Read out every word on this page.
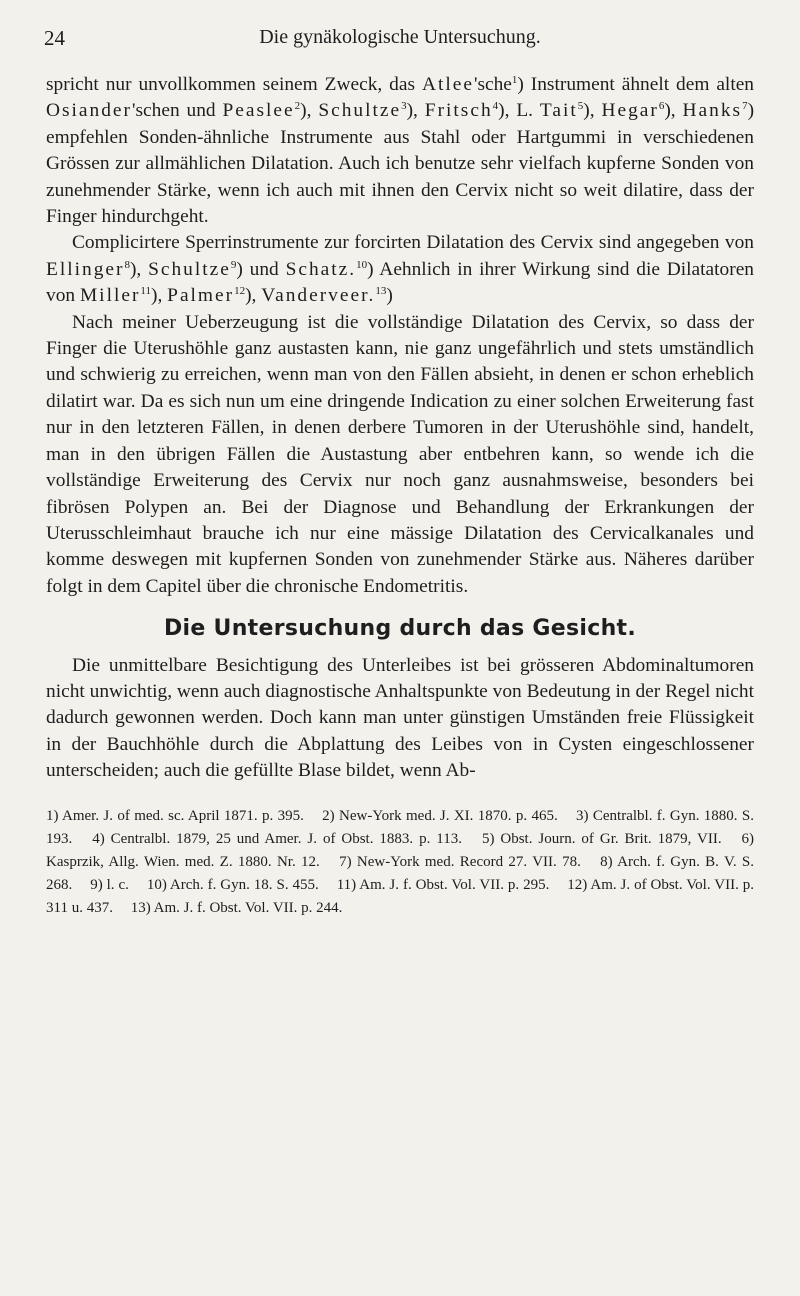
24	Die gynäkologische Untersuchung.

spricht nur unvollkommen seinem Zweck, das Atlee'sche$^1$) Instrument ähnelt dem alten Osiander'schen und Peaslee$^2$), Schultze$^3$), Fritsch$^4$), L. Tait$^5$), Hegar$^6$), Hanks$^7$) empfehlen Sonden-ähnliche Instrumente aus Stahl oder Hartgummi in verschiedenen Grössen zur allmählichen Dilatation. Auch ich benutze sehr vielfach kupferne Sonden von zunehmender Stärke, wenn ich auch mit ihnen den Cervix nicht so weit dilatire, dass der Finger hindurchgeht.

Complicirtere Sperrinstrumente zur forcirten Dilatation des Cervix sind angegeben von Ellinger$^8$), Schultze$^9$) und Schatz.$^{10}$) Aehnlich in ihrer Wirkung sind die Dilatatoren von Miller$^{11}$), Palmer$^{12}$), Vanderveer.$^{13}$)

Nach meiner Ueberzeugung ist die vollständige Dilatation des Cervix, so dass der Finger die Uterushöhle ganz austasten kann, nie ganz ungefährlich und stets umständlich und schwierig zu erreichen, wenn man von den Fällen absieht, in denen er schon erheblich dilatirt war. Da es sich nun um eine dringende Indication zu einer solchen Erweiterung fast nur in den letzteren Fällen, in denen derbere Tumoren in der Uterushöhle sind, handelt, man in den übrigen Fällen die Austastung aber entbehren kann, so wende ich die vollständige Erweiterung des Cervix nur noch ganz ausnahmsweise, besonders bei fibrösen Polypen an. Bei der Diagnose und Behandlung der Erkrankungen der Uterusschleimhaut brauche ich nur eine mässige Dilatation des Cervicalkanales und komme deswegen mit kupfernen Sonden von zunehmender Stärke aus. Näheres darüber folgt in dem Capitel über die chronische Endometritis.

Die Untersuchung durch das Gesicht.

Die unmittelbare Besichtigung des Unterleibes ist bei grösseren Abdominaltumoren nicht unwichtig, wenn auch diagnostische Anhaltspunkte von Bedeutung in der Regel nicht dadurch gewonnen werden. Doch kann man unter günstigen Umständen freie Flüssigkeit in der Bauchhöhle durch die Abplattung des Leibes von in Cysten eingeschlossener unterscheiden; auch die gefüllte Blase bildet, wenn Ab-

1) Amer. J. of med. sc. April 1871. p. 395. 2) New-York med. J. XI. 1870. p. 465. 3) Centralbl. f. Gyn. 1880. S. 193. 4) Centralbl. 1879, 25 und Amer. J. of Obst. 1883. p. 113. 5) Obst. Journ. of Gr. Brit. 1879, VII. 6) Kasprzik, Allg. Wien. med. Z. 1880. Nr. 12. 7) New-York med. Record 27. VII. 78. 8) Arch. f. Gyn. B. V. S. 268. 9) l. c. 10) Arch. f. Gyn. 18. S. 455. 11) Am. J. f. Obst. Vol. VII. p. 295. 12) Am. J. of Obst. Vol. VII. p. 311 u. 437. 13) Am. J. f. Obst. Vol. VII. p. 244.
